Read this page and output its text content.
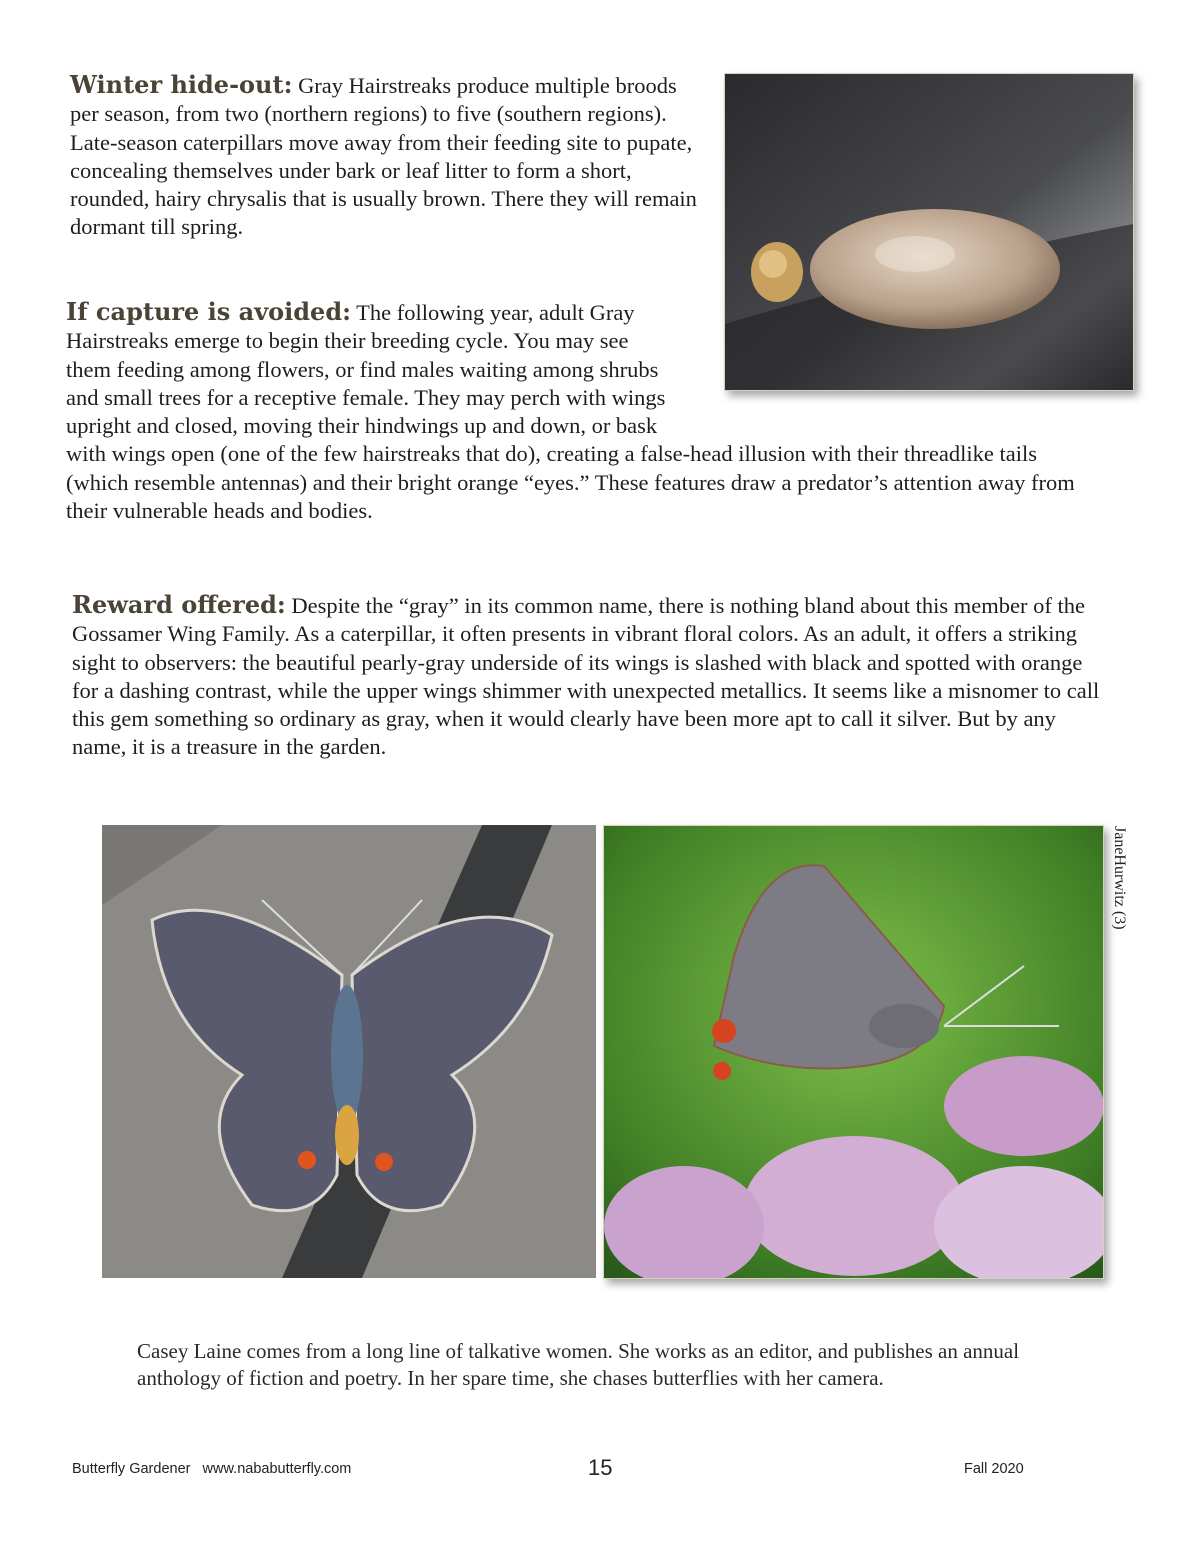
Winter hide-out: Gray Hairstreaks produce multiple broods per season, from two (northern regions) to five (southern regions). Late-season caterpillars move away from their feeding site to pupate, concealing themselves under bark or leaf litter to form a short, rounded, hairy chrysalis that is usually brown. There they will remain dormant till spring.
If capture is avoided: The following year, adult Gray Hairstreaks emerge to begin their breeding cycle. You may see them feeding among flowers, or find males waiting among shrubs and small trees for a receptive female. They may perch with wings upright and closed, moving their hindwings up and down, or bask with wings open (one of the few hairstreaks that do), creating a false-head illusion with their threadlike tails (which resemble antennas) and their bright orange “eyes.” These features draw a predator’s attention away from their vulnerable heads and bodies.
Reward offered: Despite the “gray” in its common name, there is nothing bland about this member of the Gossamer Wing Family. As a caterpillar, it often presents in vibrant floral colors. As an adult, it offers a striking sight to observers: the beautiful pearly-gray underside of its wings is slashed with black and spotted with orange for a dashing contrast, while the upper wings shimmer with unexpected metallics. It seems like a misnomer to call this gem something so ordinary as gray, when it would clearly have been more apt to call it silver. But by any name, it is a treasure in the garden.
JaneHurwitz (3)
Casey Laine comes from a long line of talkative women. She works as an editor, and publishes an annual anthology of fiction and poetry. In her spare time, she chases butterflies with her camera.
Butterfly Gardener   www.nababutterfly.com	15	Fall 2020
